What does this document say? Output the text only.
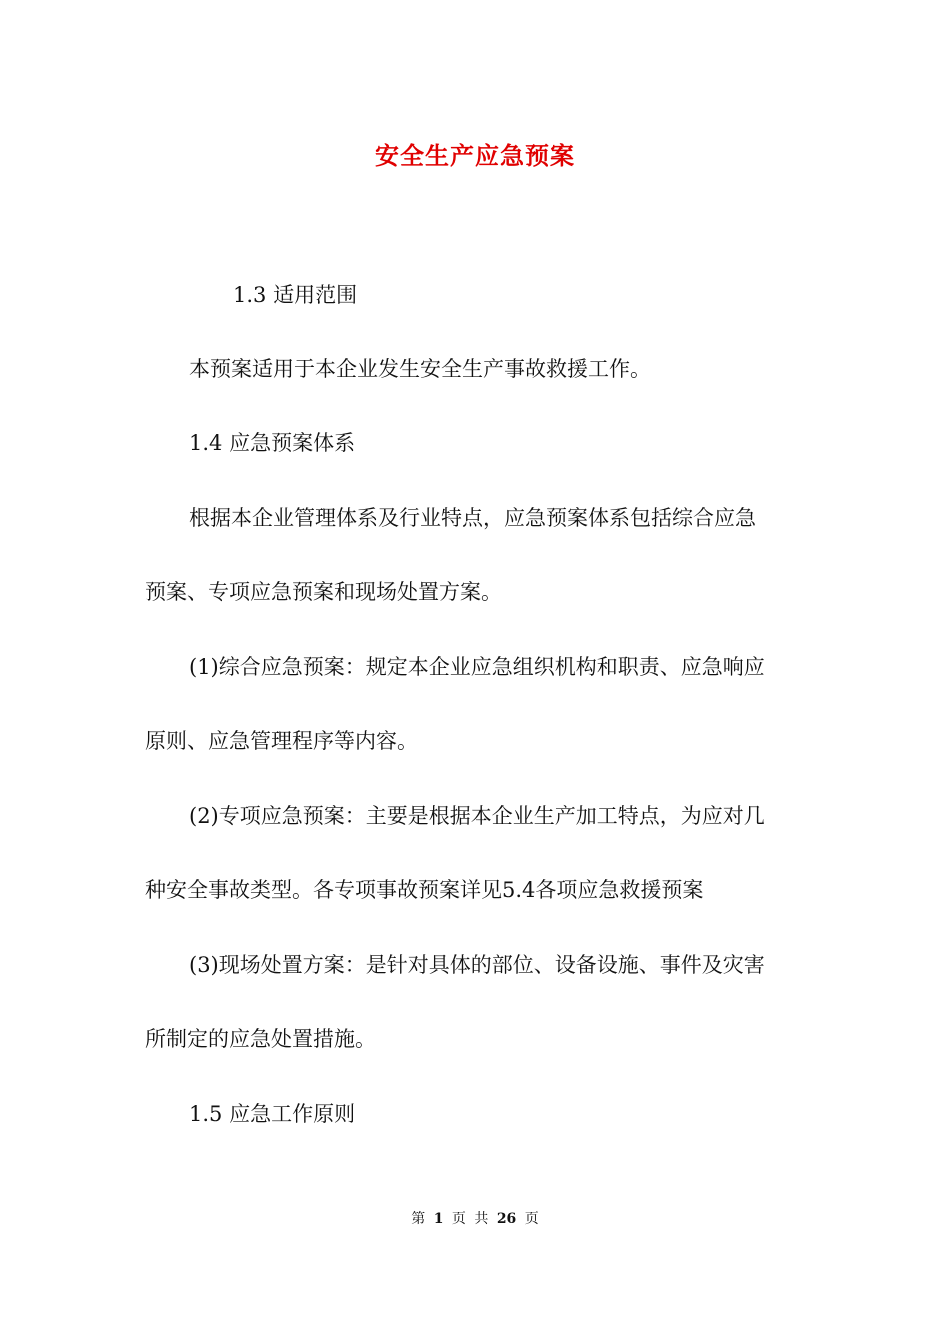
安全生产应急预案
1.3 适用范围
本预案适用于本企业发生安全生产事故救援工作。
1.4 应急预案体系
根据本企业管理体系及行业特点，应急预案体系包括综合应急
预案、专项应急预案和现场处置方案。
(1)综合应急预案：规定本企业应急组织机构和职责、应急响应
原则、应急管理程序等内容。
(2)专项应急预案：主要是根据本企业生产加工特点，为应对几
种安全事故类型。各专项事故预案详见5.4各项应急救援预案
(3)现场处置方案：是针对具体的部位、设备设施、事件及灾害
所制定的应急处置措施。
1.5 应急工作原则
第 1 页 共 26 页
